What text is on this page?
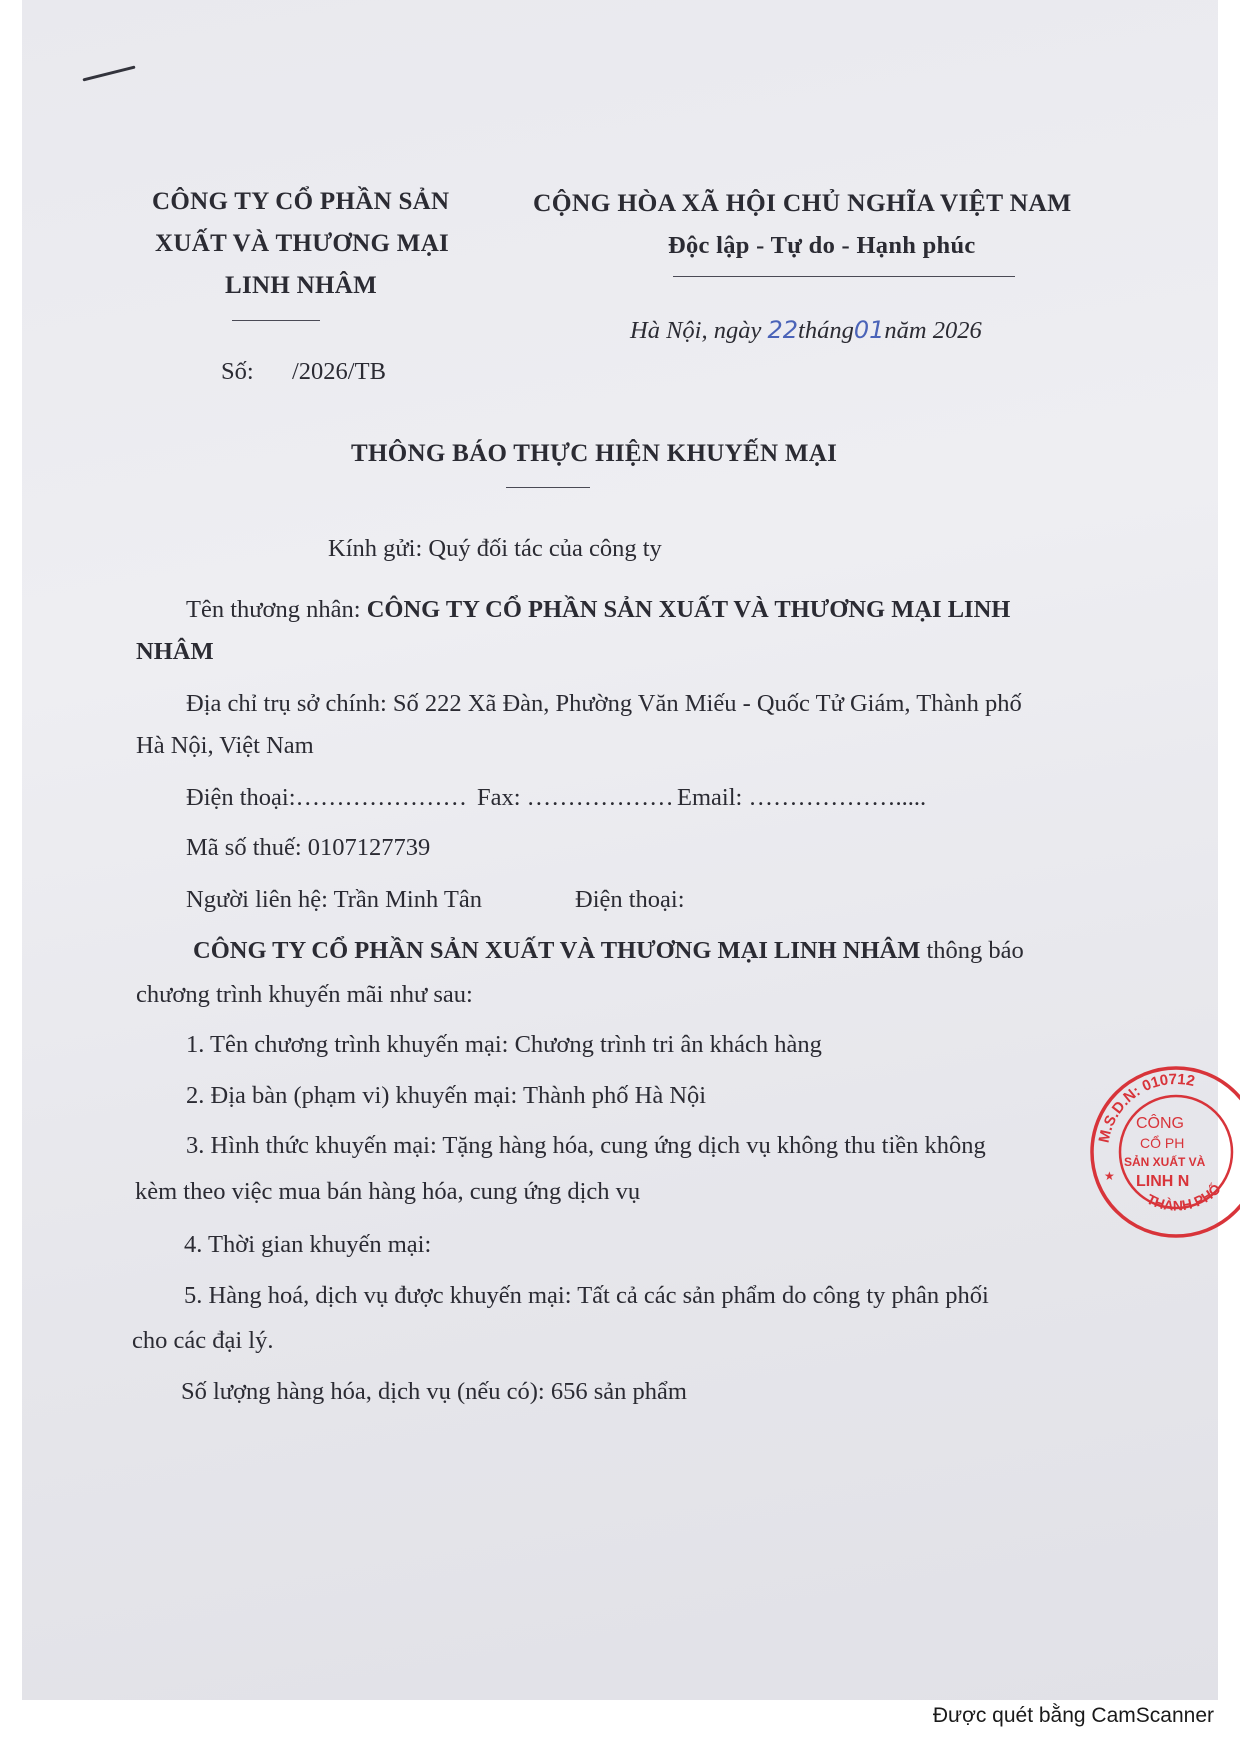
CÔNG TY CỔ PHẦN SẢN
XUẤT VÀ THƯƠNG MẠI
LINH NHÂM
CỘNG HÒA XÃ HỘI CHỦ NGHĨA VIỆT NAM
Độc lập - Tự do - Hạnh phúc
Hà Nội, ngày 22tháng01năm 2026
Số: /2026/TB
THÔNG BÁO THỰC HIỆN KHUYẾN MẠI
Kính gửi: Quý đối tác của công ty
Tên thương nhân: CÔNG TY CỔ PHẦN SẢN XUẤT VÀ THƯƠNG MẠI LINH
NHÂM
Địa chỉ trụ sở chính: Số 222 Xã Đàn, Phường Văn Miếu - Quốc Tử Giám, Thành phố
Hà Nội, Việt Nam
Điện thoại:………………… Fax: ……………… Email: ……………….....
Mã số thuế: 0107127739
Người liên hệ: Trần Minh Tân	Điện thoại:
CÔNG TY CỔ PHẦN SẢN XUẤT VÀ THƯƠNG MẠI LINH NHÂM thông báo
chương trình khuyến mãi như sau:
1. Tên chương trình khuyến mại: Chương trình tri ân khách hàng
2. Địa bàn (phạm vi) khuyến mại: Thành phố Hà Nội
3. Hình thức khuyến mại: Tặng hàng hóa, cung ứng dịch vụ không thu tiền không
kèm theo việc mua bán hàng hóa, cung ứng dịch vụ
4. Thời gian khuyến mại:
5. Hàng hoá, dịch vụ được khuyến mại: Tất cả các sản phẩm do công ty phân phối
cho các đại lý.
Số lượng hàng hóa, dịch vụ (nếu có): 656 sản phẩm
M.S.D.N: 010712
THÀNH PHỐ
★
CÔNG
CỔ PH
SẢN XUẤT VÀ
LINH N
Được quét bằng CamScanner
